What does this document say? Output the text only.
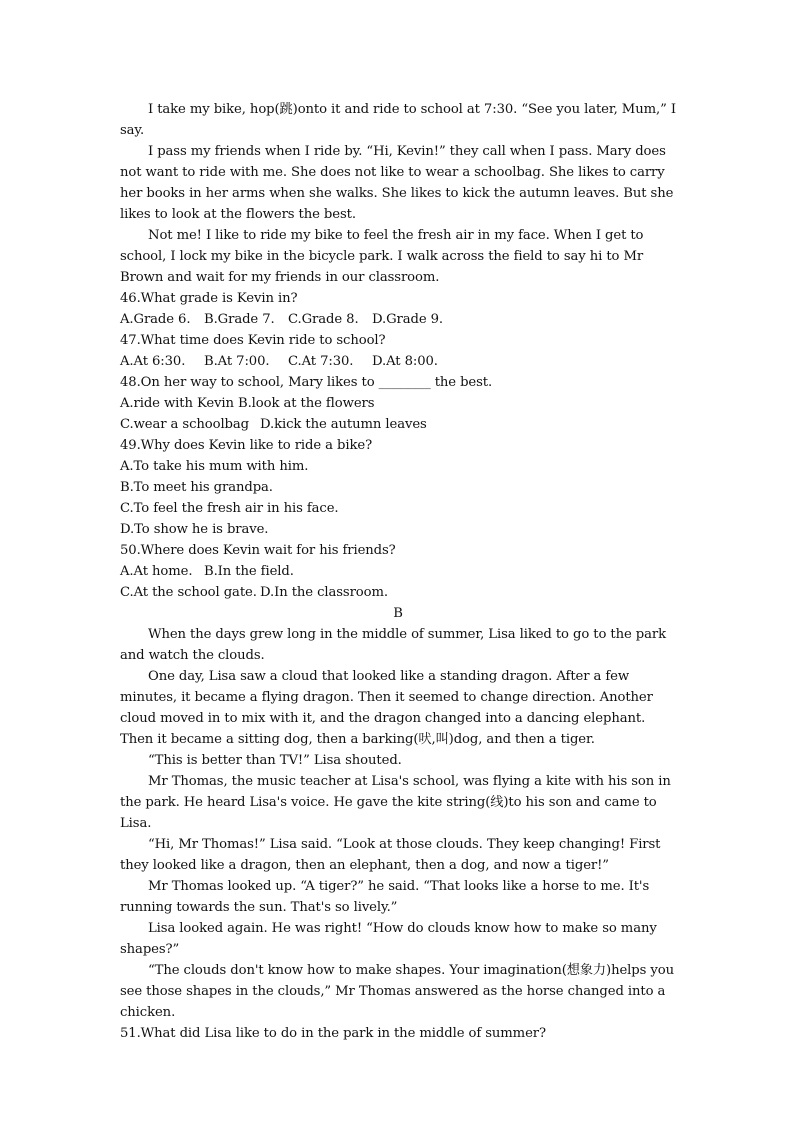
I take my bike, hop(跳)onto it and ride to school at 7:30. “See you later, Mum,” I say.

I pass my friends when I ride by. “Hi, Kevin!” they call when I pass. Mary does not want to ride with me. She does not like to wear a schoolbag. She likes to carry her books in her arms when she walks. She likes to kick the autumn leaves. But she likes to look at the flowers the best.

Not me! I like to ride my bike to feel the fresh air in my face. When I get to school, I lock my bike in the bicycle park. I walk across the field to say hi to Mr Brown and wait for my friends in our classroom.

46.What grade is Kevin in?

A.Grade 6. B.Grade 7. C.Grade 8. D.Grade 9.

47.What time does Kevin ride to school?

A.At 6:30. B.At 7:00. C.At 7:30. D.At 8:00.

48.On her way to school, Mary likes to ________ the best.

A.ride with Kevin B.look at the flowers

C.wear a schoolbag D.kick the autumn leaves

49.Why does Kevin like to ride a bike?

A.To take his mum with him.

B.To meet his grandpa.

C.To feel the fresh air in his face.

D.To show he is brave.

50.Where does Kevin wait for his friends?

A.At home. B.In the field.

C.At the school gate. D.In the classroom.

B

When the days grew long in the middle of summer, Lisa liked to go to the park and watch the clouds.

One day, Lisa saw a cloud that looked like a standing dragon. After a few minutes, it became a flying dragon. Then it seemed to change direction. Another cloud moved in to mix with it, and the dragon changed into a dancing elephant. Then it became a sitting dog, then a barking(吠,叫)dog, and then a tiger.

“This is better than TV!” Lisa shouted.

Mr Thomas, the music teacher at Lisa's school, was flying a kite with his son in the park. He heard Lisa's voice. He gave the kite string(线)to his son and came to Lisa.

“Hi, Mr Thomas!” Lisa said. “Look at those clouds. They keep changing! First they looked like a dragon, then an elephant, then a dog, and now a tiger!”

Mr Thomas looked up. “A tiger?” he said. “That looks like a horse to me. It's running towards the sun. That's so lively.”

Lisa looked again. He was right! “How do clouds know how to make so many shapes?”

“The clouds don't know how to make shapes. Your imagination(想象力)helps you see those shapes in the clouds,” Mr Thomas answered as the horse changed into a chicken.

51.What did Lisa like to do in the park in the middle of summer?
